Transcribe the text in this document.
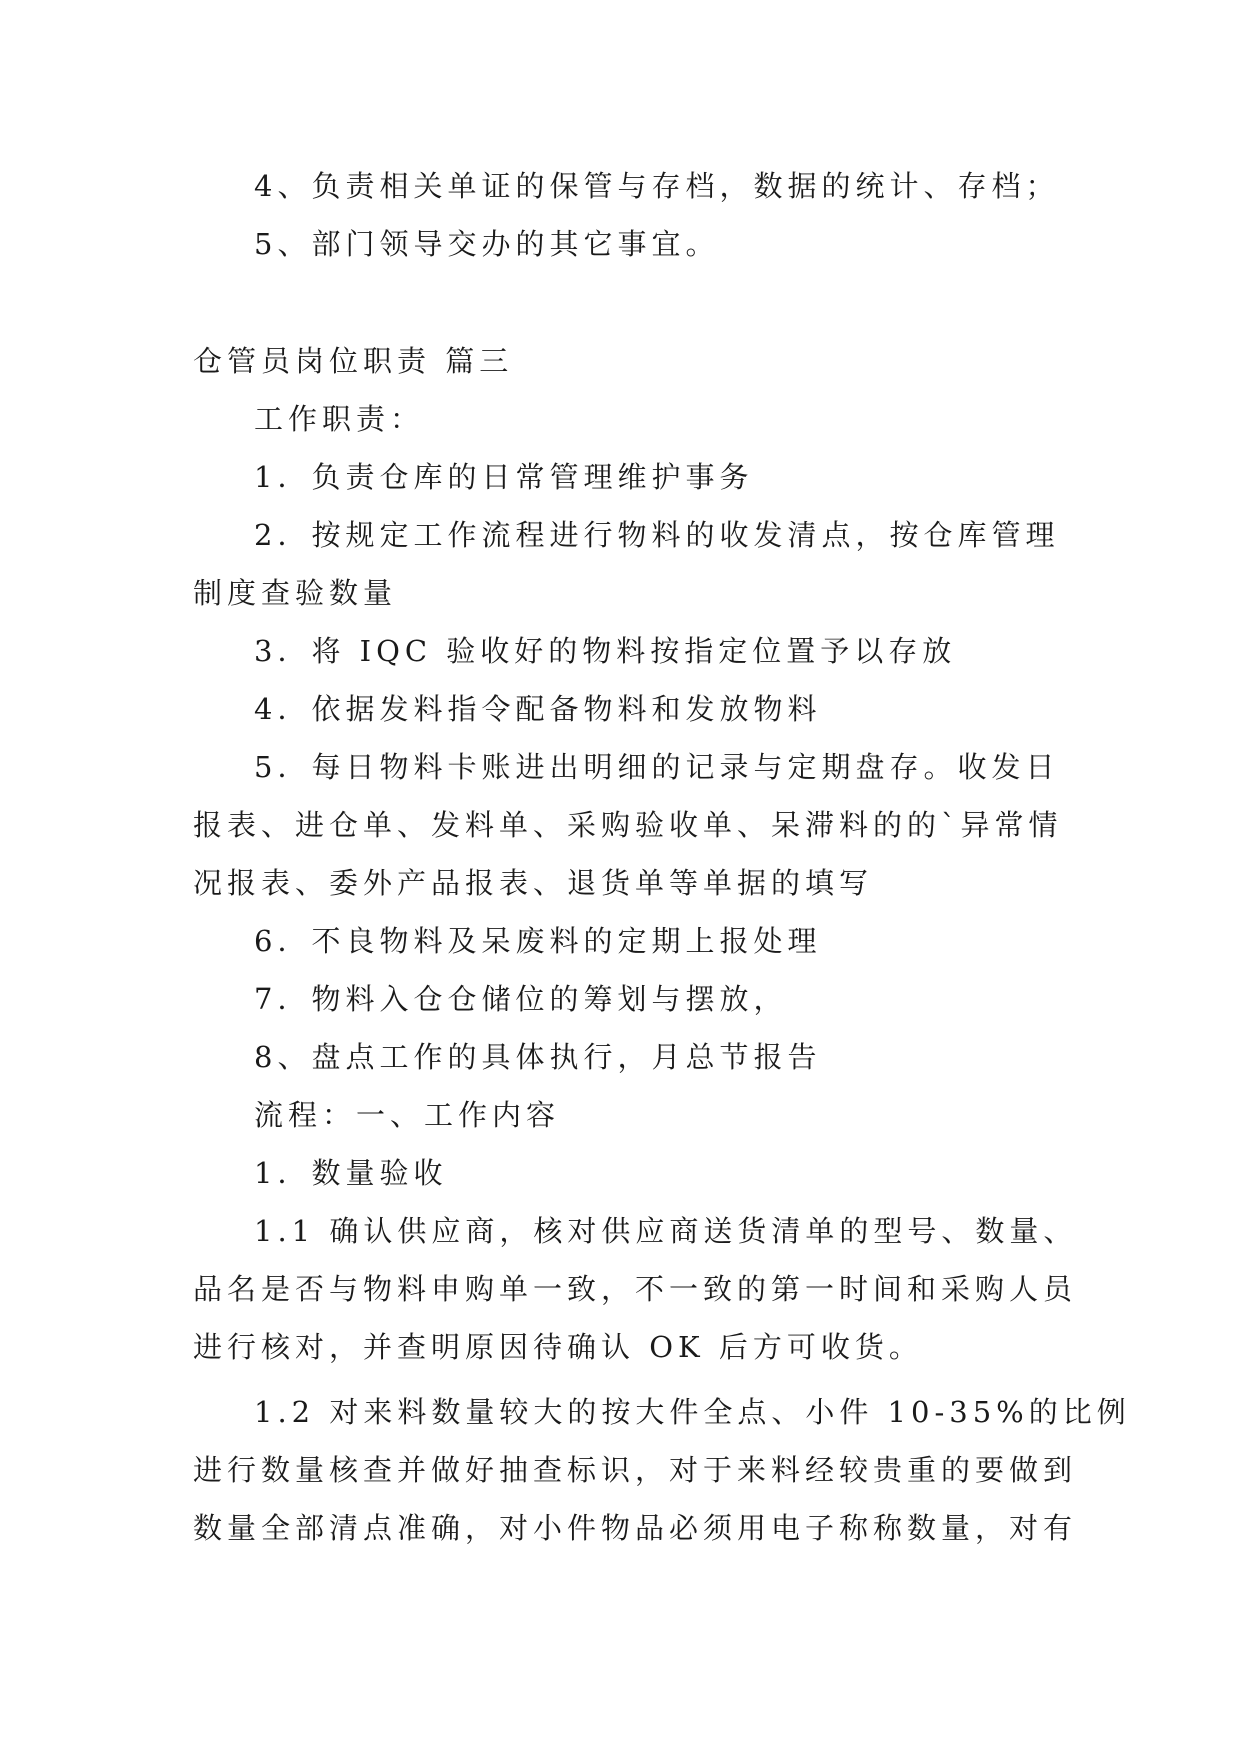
4、负责相关单证的保管与存档，数据的统计、存档；
5、部门领导交办的其它事宜。
仓管员岗位职责 篇三
工作职责：
1．负责仓库的日常管理维护事务
2．按规定工作流程进行物料的收发清点，按仓库管理
制度查验数量
3．将 IQC 验收好的物料按指定位置予以存放
4．依据发料指令配备物料和发放物料
5．每日物料卡账进出明细的记录与定期盘存。收发日
报表、进仓单、发料单、采购验收单、呆滞料的的`异常情
况报表、委外产品报表、退货单等单据的填写
6．不良物料及呆废料的定期上报处理
7．物料入仓仓储位的筹划与摆放，
8、盘点工作的具体执行，月总节报告
流程：一、工作内容
1．数量验收
1.1 确认供应商，核对供应商送货清单的型号、数量、
品名是否与物料申购单一致，不一致的第一时间和采购人员
进行核对，并查明原因待确认 OK 后方可收货。
1.2 对来料数量较大的按大件全点、小件 10-35%的比例
进行数量核查并做好抽查标识，对于来料经较贵重的要做到
数量全部清点准确，对小件物品必须用电子称称数量，对有
